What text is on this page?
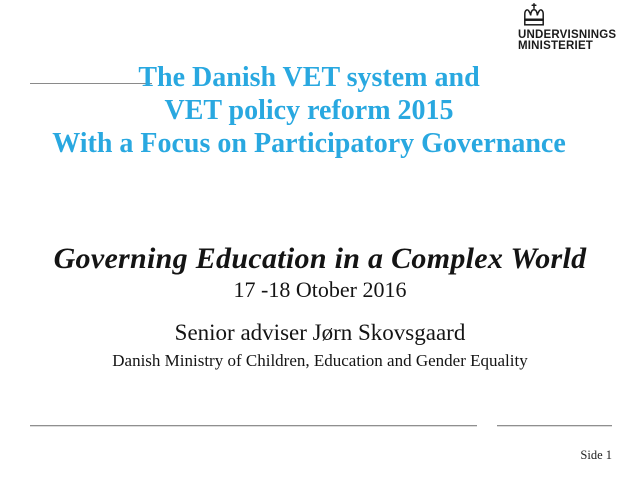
UNDERVISNINGS
MINISTERIET
The Danish VET system and
VET policy reform 2015
With a Focus on Participatory Governance
Governing Education in a Complex World
17 -18 Otober 2016
Senior adviser Jørn Skovsgaard
Danish Ministry of Children, Education and Gender Equality
Side 1
